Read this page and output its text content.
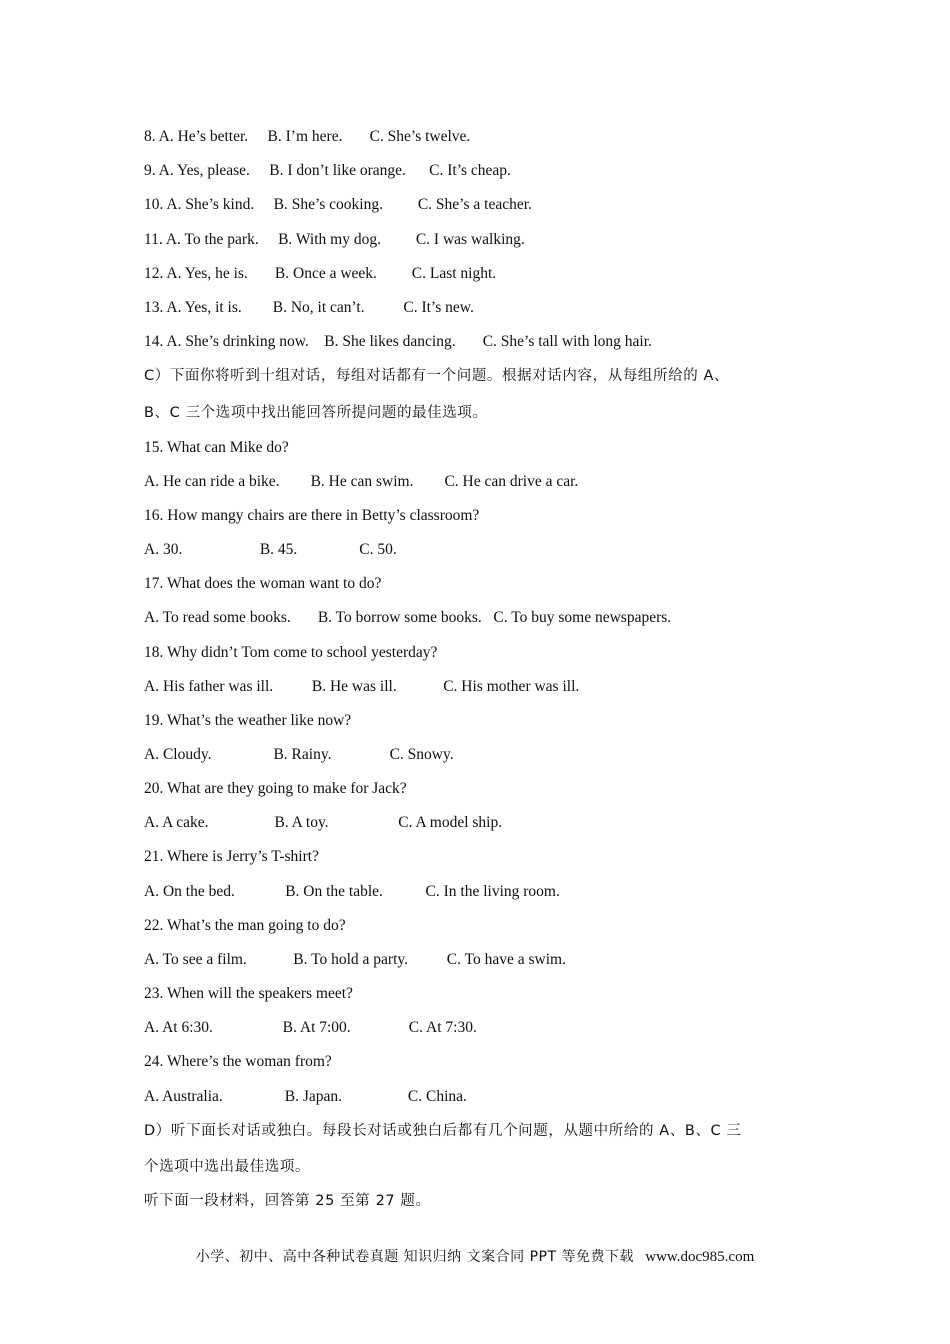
8. A. He’s better.     B. I’m here.       C. She’s twelve.
9. A. Yes, please.     B. I don’t like orange.      C. It’s cheap.
10. A. She’s kind.     B. She’s cooking.         C. She’s a teacher.
11. A. To the park.     B. With my dog.         C. I was walking.
12. A. Yes, he is.       B. Once a week.         C. Last night.
13. A. Yes, it is.        B. No, it can’t.          C. It’s new.
14. A. She’s drinking now.    B. She likes dancing.       C. She’s tall with long hair.
C）下面你将听到十组对话，每组对话都有一个问题。根据对话内容，从每组所给的 A、
B、C 三个选项中找出能回答所提问题的最佳选项。
15. What can Mike do?
A. He can ride a bike.        B. He can swim.        C. He can drive a car.
16. How mangy chairs are there in Betty’s classroom?
A. 30.                    B. 45.                C. 50.
17. What does the woman want to do?
A. To read some books.       B. To borrow some books.   C. To buy some newspapers.
18. Why didn’t Tom come to school yesterday?
A. His father was ill.          B. He was ill.            C. His mother was ill.
19. What’s the weather like now?
A. Cloudy.                B. Rainy.               C. Snowy.
20. What are they going to make for Jack?
A. A cake.                 B. A toy.                  C. A model ship.
21. Where is Jerry’s T-shirt?
A. On the bed.             B. On the table.           C. In the living room.
22. What’s the man going to do?
A. To see a film.            B. To hold a party.          C. To have a swim.
23. When will the speakers meet?
A. At 6:30.                  B. At 7:00.               C. At 7:30.
24. Where’s the woman from?
A. Australia.                B. Japan.                 C. China.
D）听下面长对话或独白。每段长对话或独白后都有几个问题，从题中所给的 A、B、C 三
个选项中选出最佳选项。
听下面一段材料，回答第 25 至第 27 题。
小学、初中、高中各种试卷真题 知识归纳 文案合同 PPT 等免费下载 www.doc985.com
